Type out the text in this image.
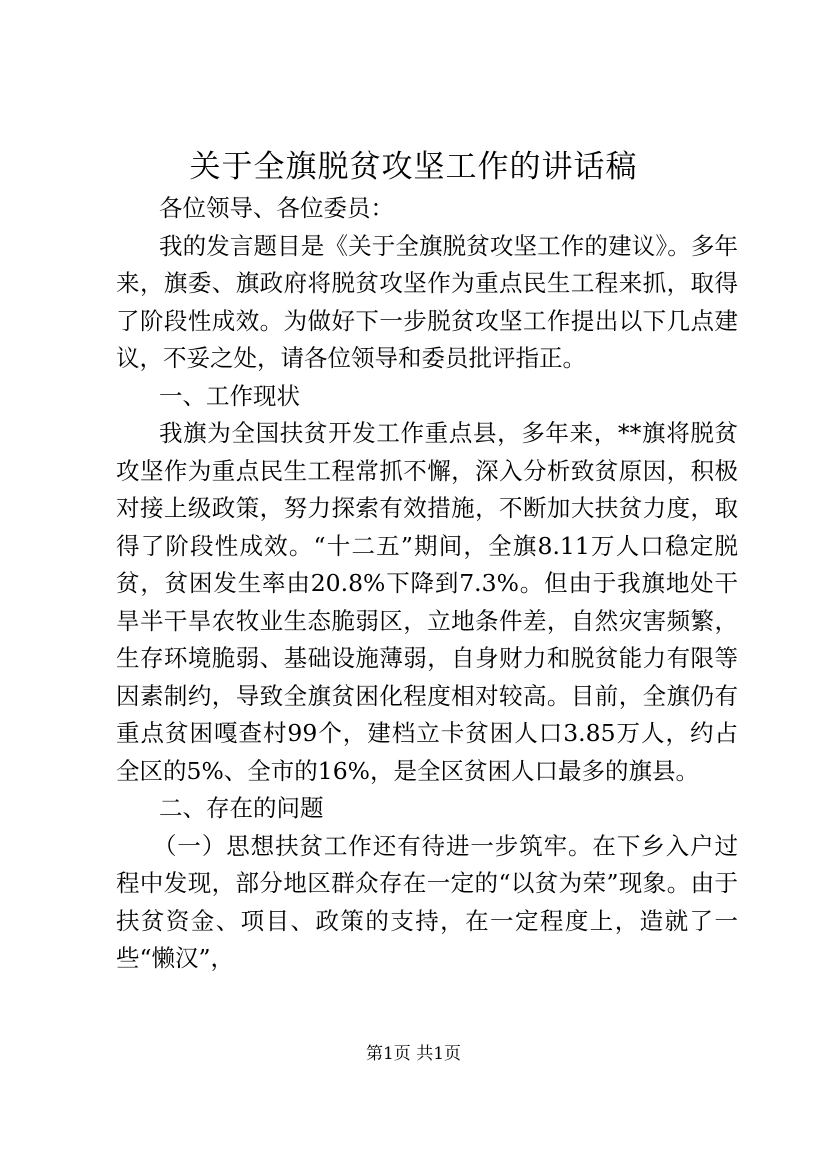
关于全旗脱贫攻坚工作的讲话稿

各位领导、各位委员：

我的发言题目是《关于全旗脱贫攻坚工作的建议》。多年来，旗委、旗政府将脱贫攻坚作为重点民生工程来抓，取得了阶段性成效。为做好下一步脱贫攻坚工作提出以下几点建议，不妥之处，请各位领导和委员批评指正。

一、工作现状

我旗为全国扶贫开发工作重点县，多年来，**旗将脱贫攻坚作为重点民生工程常抓不懈，深入分析致贫原因，积极对接上级政策，努力探索有效措施，不断加大扶贫力度，取得了阶段性成效。“十二五”期间，全旗8.11万人口稳定脱贫，贫困发生率由20.8%下降到7.3%。但由于我旗地处干旱半干旱农牧业生态脆弱区，立地条件差，自然灾害频繁，生存环境脆弱、基础设施薄弱，自身财力和脱贫能力有限等因素制约，导致全旗贫困化程度相对较高。目前，全旗仍有重点贫困嘎查村99个，建档立卡贫困人口3.85万人，约占全区的5%、全市的16%，是全区贫困人口最多的旗县。

二、存在的问题

（一）思想扶贫工作还有待进一步筑牢。在下乡入户过程中发现，部分地区群众存在一定的“以贫为荣”现象。由于扶贫资金、项目、政策的支持，在一定程度上，造就了一些“懒汉”，

第1页 共1页
